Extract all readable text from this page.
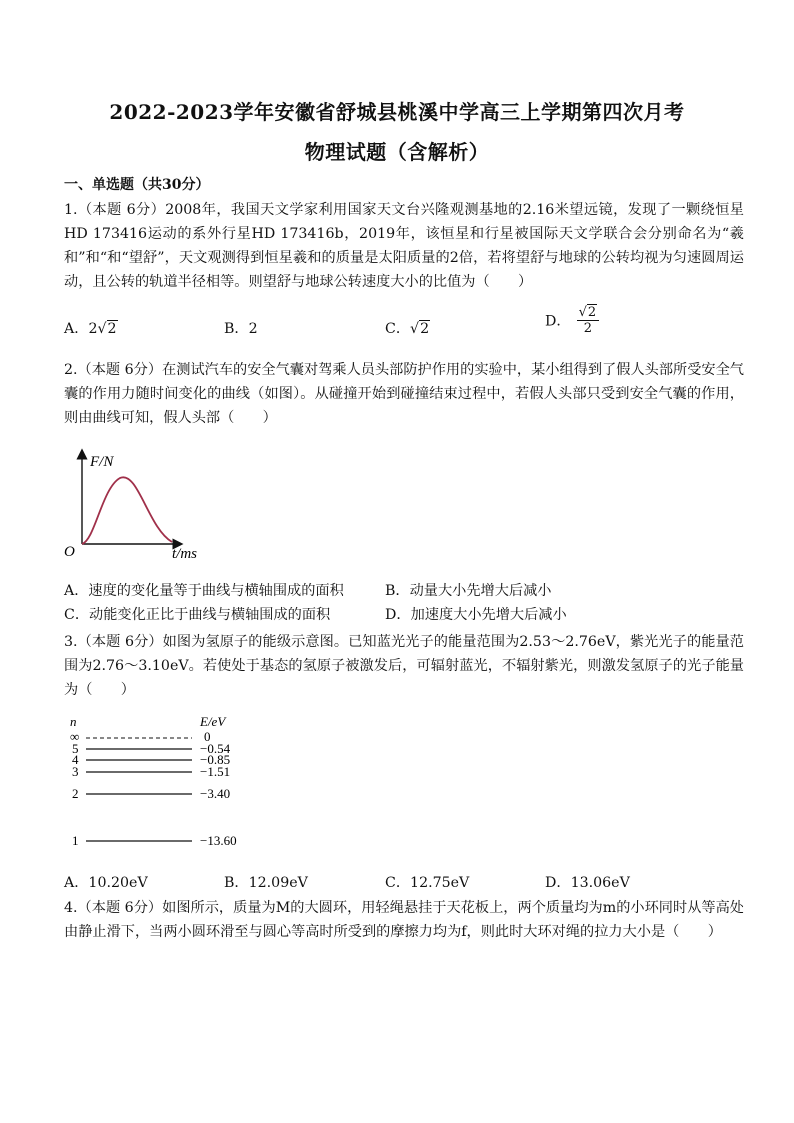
2022-2023学年安徽省舒城县桃溪中学高三上学期第四次月考
物理试题（含解析）
一、单选题（共30分）
1.（本题 6分）2008年，我国天文学家利用国家天文台兴隆观测基地的2.16米望远镜，发现了一颗绕恒星HD 173416运动的系外行星HD 173416b，2019年，该恒星和行星被国际天文学联合会分别命名为“羲和”和“和“望舒”，天文观测得到恒星羲和的质量是太阳质量的2倍，若将望舒与地球的公转均视为匀速圆周运动，且公转的轨道半径相等。则望舒与地球公转速度大小的比值为（　　）
A．2√2	B．2	C．√2	D． $\frac{√2}{2}$
2.（本题 6分）在测试汽车的安全气囊对驾乘人员头部防护作用的实验中，某小组得到了假人头部所受安全气囊的作用力随时间变化的曲线（如图）。从碰撞开始到碰撞结束过程中，若假人头部只受到安全气囊的作用，则由曲线可知，假人头部（　　）
F/N
O	t/ms
A．速度的变化量等于曲线与横轴围成的面积	B．动量大小先增大后减小
C．动能变化正比于曲线与横轴围成的面积	D．加速度大小先增大后减小
3.（本题 6分）如图为氢原子的能级示意图。已知蓝光光子的能量范围为2.53～2.76eV，紫光光子的能量范围为2.76～3.10eV。若使处于基态的氢原子被激发后，可辐射蓝光，不辐射紫光，则激发氢原子的光子能量为（　　）
n	E/eV
∞	0
5	−0.54
4	−0.85
3	−1.51
2	−3.40
1	−13.60
A．10.20eV	B．12.09eV	C．12.75eV	D．13.06eV
4.（本题 6分）如图所示，质量为M的大圆环，用轻绳悬挂于天花板上，两个质量均为m的小环同时从等高处由静止滑下，当两小圆环滑至与圆心等高时所受到的摩擦力均为f，则此时大环对绳的拉力大小是（　　）
